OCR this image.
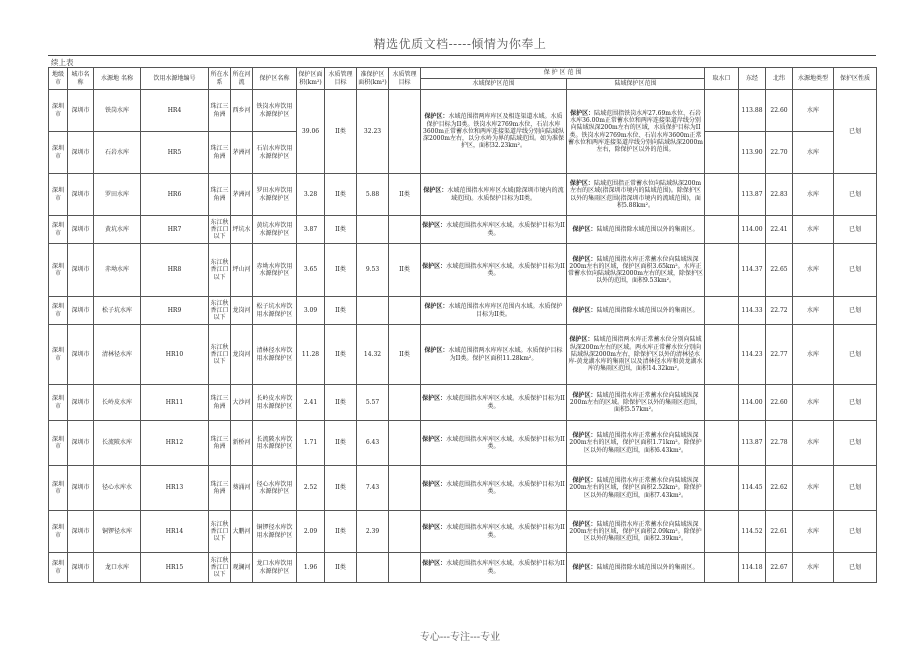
精选优质文档-----倾情为你奉上
续上表
地级市	城市名称	水源地 名称	饮用水源地编号	所在水系	所在河流	保护区名称	保护区面积(km²)	水质管理目标	准保护区面积(km²)	水质管理目标	保 护 区 范 围		取水口	东经	北纬	水源地类型	保护区性质
											水域保护区范围	陆域保护区范围					
深圳市	深圳市	铁岗水库	HR4	珠江三角洲	西乡河	铁岗水库饮用水源保护区	39.06	II类	32.23		保护区：水域范围指两库库区及相连渠道水域。水质保护目标为II类。铁岗水库2769m水位、石岩水库3600m正常蓄水位和两库连接渠道岸线分别向陆域纵深2000m左右，以分水岭为界的陆域范围。如为准保护区，面积32.23km²。	保护区：陆域范围指铁岗水库27.69m水位、石岩水库36.00m正常蓄水位和两库连接渠道岸线分别向陆域纵深200m左右的区域，水质保护目标为II类。铁岗水库2769m水位、石岩水库3600m正常蓄水位和两库连接渠道岸线分别向陆域纵深2000m左右，除保护区以外的范围。		113.88	22.60	水库	已划
深圳市	深圳市	石岩水库	HR5	珠江三角洲	茅洲河	石岩水库饮用水源保护区								113.90	22.70	水库	
深圳市	深圳市	罗田水库	HR6	珠江三角洲	茅洲河	罗田水库饮用水源保护区	3.28	II类	5.88	II类	保护区：水域范围指水库库区水域(除深圳市境内的流域范围)。水质保护目标为II类。	保护区：陆域范围指正常蓄水位向陆域纵深200m左右的区域(指深圳市境内的陆域范围)。除保护区以外的集雨区范围(指深圳市境内的流域范围)，面积5.88km²。		113.87	22.83	水库	已划
深圳市	深圳市	黄坑水库	HR7	东江秋香江口以下	坪坑水	黄坑水库饮用水源保护区	3.87	II类			保护区：水域范围指水库库区水域。水质保护目标为II类。	保护区：陆域范围指除水域范围以外的集雨区。		114.00	22.41	水库	已划
深圳市	深圳市	赤坳水库	HR8	东江秋香江口以下	坪山河	赤坳水库饮用水源保护区	3.65	II类	9.53	II类	保护区：水域范围指水库库区水域。水质保护目标为II类。	保护区：陆域范围指水库正常蓄水位向陆域纵深200m左右的区域，保护区面积3.65km²。水库正常蓄水位向陆域纵深2000m左右的区域，除保护区以外的范围，面积9.53km²。		114.37	22.65	水库	已划
深圳市	深圳市	松子坑水库	HR9	东江秋香江口以下	龙岗河	松子坑水库饮用水源保护区	3.09	II类			保护区：水域范围指水库库区范围内水域。水质保护目标为II类。	保护区：陆域范围指除水域范围以外的集雨区。		114.33	22.72	水库	已划
深圳市	深圳市	清林径水库	HR10	东江秋香江口以下	龙岗河	清林径水库饮用水源保护区	11.28	II类	14.32	II类	保护区：水域范围指两水库库区水域。水质保护目标为II类。保护区面积11.28km²。	保护区：陆域范围指两水库正常蓄水位分别向陆域纵深200m左右的区域。两水库正常蓄水位分别向陆域纵深2000m左右，除保护区以外的清林径水库-黄龙湖水库的集雨区以及清林径水库和黄龙湖水库的集雨区范围，面积14.32km²。		114.23	22.77	水库	已划
深圳市	深圳市	长岭皮水库	HR11	珠江三角洲	大沙河	长岭皮水库饮用水源保护区	2.41	II类	5.57		保护区：水域范围指水库库区水域。水质保护目标为II类。	保护区：陆域范围指水库正常蓄水位向陆域纵深200m左右的区域。除保护区以外的集雨区范围，面积5.57km²。		114.00	22.60	水库	已划
深圳市	深圳市	长流陂水库	HR12	珠江三角洲	新桥河	长流陂水库饮用水源保护区	1.71	II类	6.43		保护区：水域范围指水库库区水域。水质保护目标为II类。	保护区：陆域范围指水库正常蓄水位向陆域纵深200m左右的区域，保护区面积1.71km²。除保护区以外的集雨区范围，面积6.43km²。		113.87	22.78	水库	已划
深圳市	深圳市	径心水库水	HR13	珠江三角洲	葵涌河	径心水库饮用水源保护区	2.52	II类	7.43		保护区：水域范围指水库库区水域。水质保护目标为II类。	保护区：陆域范围指水库正常蓄水位向陆域纵深200m左右的区域，保护区面积2.52km²。除保护区以外的集雨区范围，面积7.43km²。		114.45	22.62	水库	已划
深圳市	深圳市	铜锣径水库	HR14	东江秋香江口以下	大鹏河	铜锣径水库饮用水源保护区	2.09	II类	2.39		保护区：水域范围指水库库区水域。水质保护目标为II类。	保护区：陆域范围指水库正常蓄水位向陆域纵深200m左右的区域，保护区面积2.09km²。除保护区以外的集雨区范围，面积2.39km²。		114.52	22.61	水库	已划
深圳市	深圳市	龙口水库	HR15	东江秋香江口以下	观澜河	龙口水库饮用水源保护区	1.96	II类			保护区：水域范围指水库库区水域。水质保护目标为II类。	保护区：陆域范围指除水域范围以外的集雨区。		114.18	22.67	水库	已划
专心---专注---专业
